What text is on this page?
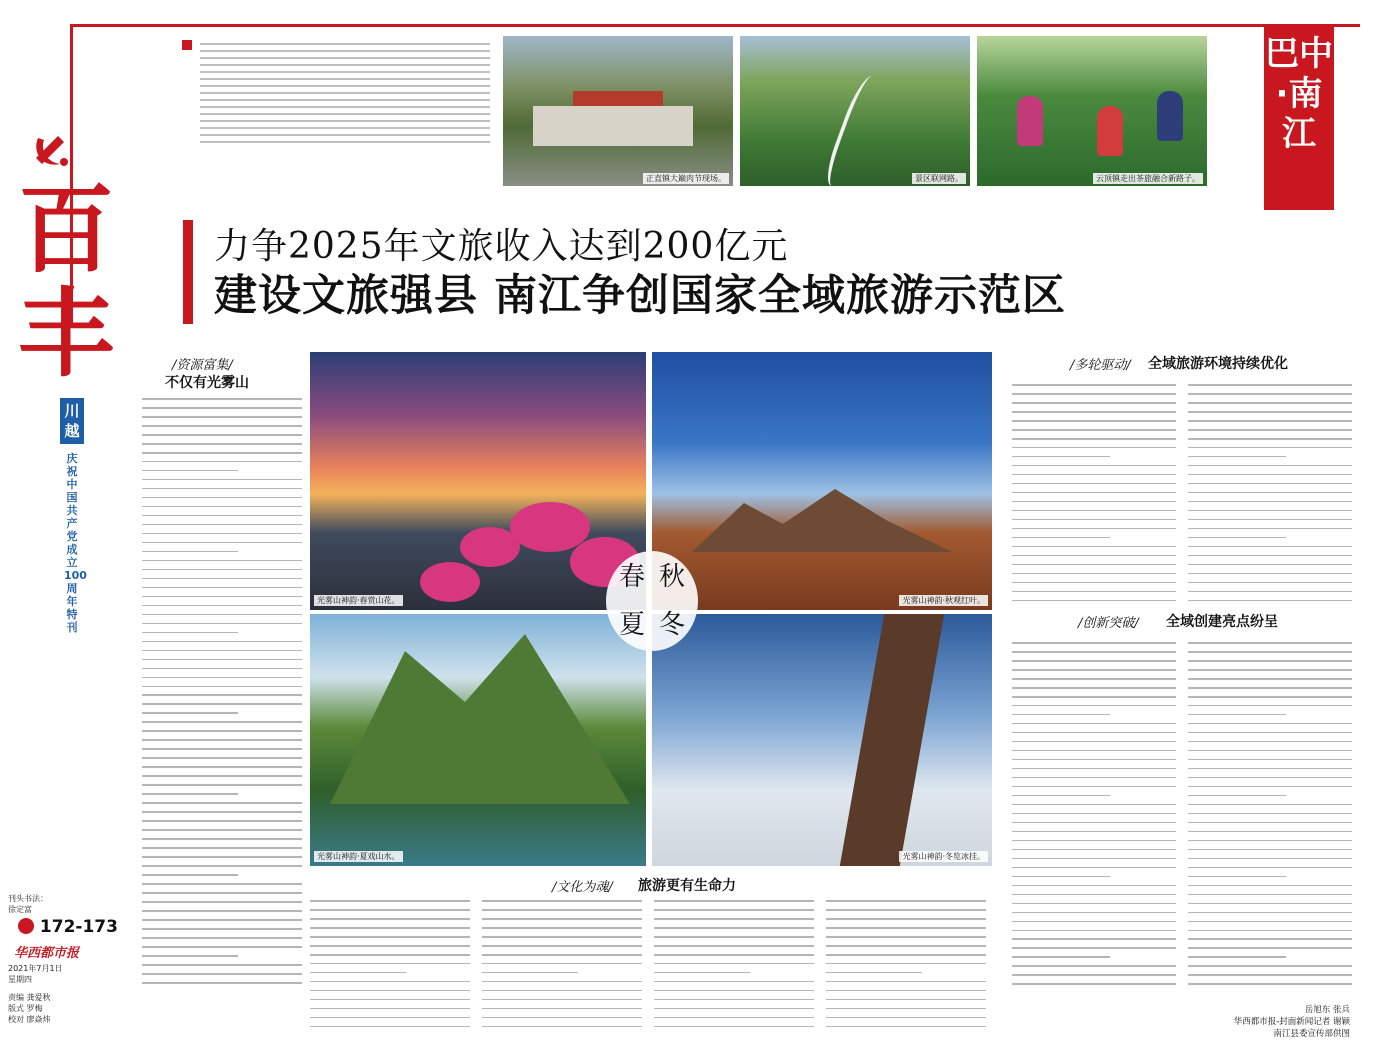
百丰
川越
庆祝中国共产党成立100周年特刊
刊头书法：
徐定富
172-173
华西都市报
2021年7月1日
星期四
责编 龚爱秋
版式 罗梅
校对 廖焱炜
巴中·南江
正直镇大巅肉节现场。	景区联网路。	云顶镇走出茶旅融合新路子。
力争2025年文旅收入达到200亿元
建设文旅强县 南江争创国家全域旅游示范区
/资源富集/
不仅有光雾山
光雾山神韵·春赏山花。	光雾山神韵·秋观红叶。
光雾山神韵·夏戏山水。	光雾山神韵·冬览冰挂。
春 秋
夏 冬
/文化为魂/ 旅游更有生命力
/多轮驱动/ 全域旅游环境持续优化
/创新突破/ 全域创建亮点纷呈
岳旭东 张兵
华西都市报-封面新闻记者 谢颖
南江县委宣传部供图
